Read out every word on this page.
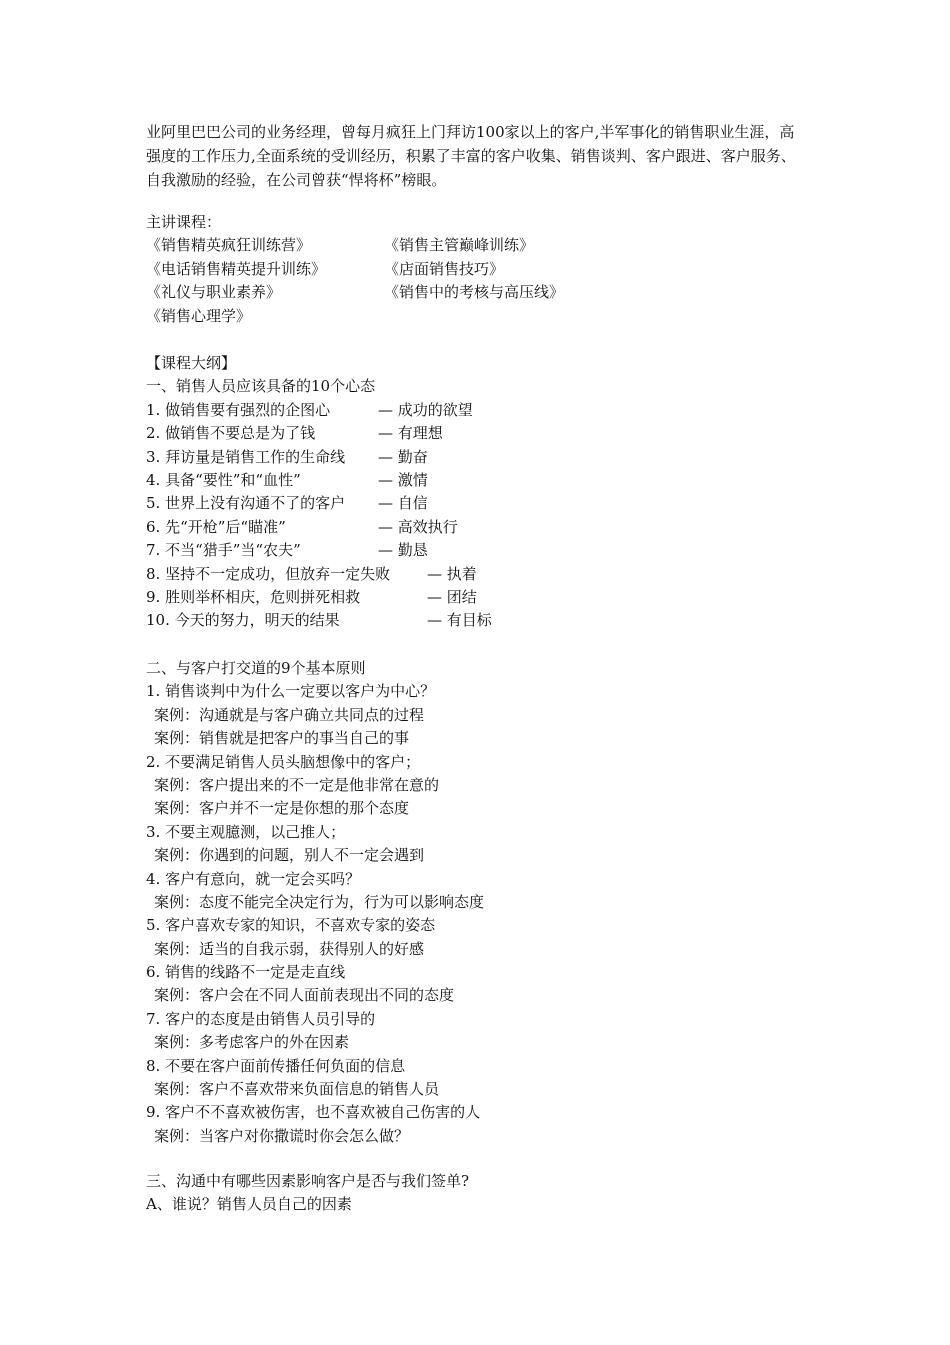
业阿里巴巴公司的业务经理，曾每月疯狂上门拜访100家以上的客户,半军事化的销售职业生涯，高
强度的工作压力,全面系统的受训经历，积累了丰富的客户收集、销售谈判、客户跟进、客户服务、
自我激励的经验，在公司曾获“悍将杯”榜眼。
主讲课程：
《销售精英疯狂训练营》	《销售主管巅峰训练》
《电话销售精英提升训练》	《店面销售技巧》
《礼仪与职业素养》	《销售中的考核与高压线》
《销售心理学》
【课程大纲】
一、销售人员应该具备的10个心态
1. 做销售要有强烈的企图心	— 成功的欲望
2. 做销售不要总是为了钱	— 有理想
3. 拜访量是销售工作的生命线 — 勤奋
4. 具备“要性”和“血性”	— 激情
5. 世界上没有沟通不了的客户 — 自信
6. 先“开枪”后“瞄准”	— 高效执行
7. 不当“猎手”当“农夫”	— 勤恳
8. 坚持不一定成功，但放弃一定失败 — 执着
9. 胜则举杯相庆，危则拼死相救	— 团结
10. 今天的努力，明天的结果	— 有目标
二、与客户打交道的9个基本原则
1. 销售谈判中为什么一定要以客户为中心？
案例：沟通就是与客户确立共同点的过程
案例：销售就是把客户的事当自己的事
2. 不要满足销售人员头脑想像中的客户；
案例：客户提出来的不一定是他非常在意的
案例：客户并不一定是你想的那个态度
3. 不要主观臆测，以己推人；
案例：你遇到的问题，别人不一定会遇到
4. 客户有意向，就一定会买吗？
案例：态度不能完全决定行为，行为可以影响态度
5. 客户喜欢专家的知识，不喜欢专家的姿态
案例：适当的自我示弱，获得别人的好感
6. 销售的线路不一定是走直线
案例：客户会在不同人面前表现出不同的态度
7. 客户的态度是由销售人员引导的
案例：多考虑客户的外在因素
8. 不要在客户面前传播任何负面的信息
案例：客户不喜欢带来负面信息的销售人员
9. 客户不不喜欢被伤害，也不喜欢被自己伤害的人
案例：当客户对你撒谎时你会怎么做？
三、沟通中有哪些因素影响客户是否与我们签单?
A、谁说？销售人员自己的因素
